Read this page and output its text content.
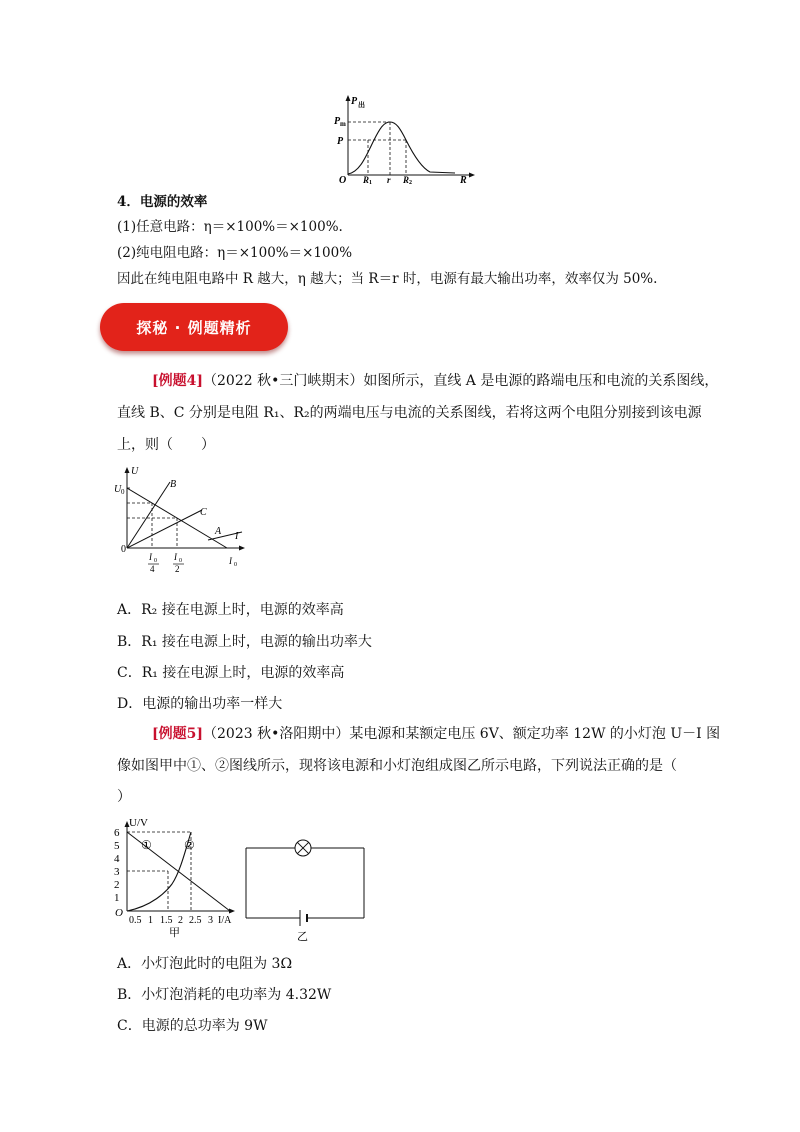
P 出
P m
P
O R 1 r R 2	R
4．电源的效率
(1)任意电路：η＝×100%＝×100%.
(2)纯电阻电路：η＝×100%＝×100%
因此在纯电阻电路中 R 越大，η 越大；当 R＝r 时，电源有最大输出功率，效率仅为 50%.
探秘 · 例题精析
[例题4]（2022 秋•三门峡期末）如图所示，直线 A 是电源的路端电压和电流的关系图线，
直线 B、C 分别是电阻 R₁、R₂的两端电压与电流的关系图线，若将这两个电阻分别接到该电源
上，则（　　）
U
U 0
B
C
A I
0
I 0
4
I 0
2
I 0
A．R₂ 接在电源上时，电源的效率高
B．R₁ 接在电源上时，电源的输出功率大
C．R₁ 接在电源上时，电源的效率高
D．电源的输出功率一样大
[例题5]（2023 秋•洛阳期中）某电源和某额定电压 6V、额定功率 12W 的小灯泡 U－I 图
像如图甲中①、②图线所示，现将该电源和小灯泡组成图乙所示电路，下列说法正确的是（
）
U/V
6
5
4
3
2
1
O
0.5 1 1.5 2 2.5 3 I/A
①	②
甲	乙
A．小灯泡此时的电阻为 3Ω
B．小灯泡消耗的电功率为 4.32W
C．电源的总功率为 9W
